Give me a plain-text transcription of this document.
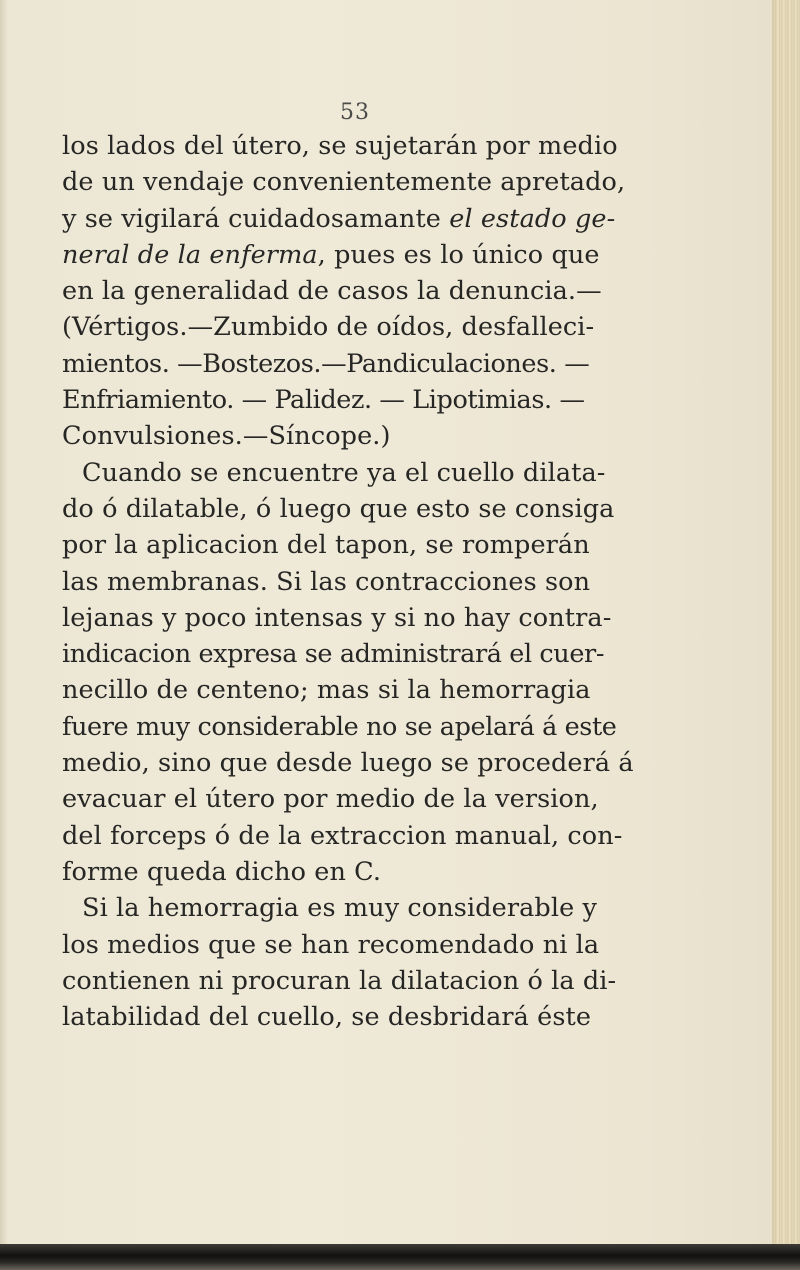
53
los lados del útero, se sujetarán por medio
de un vendaje convenientemente apretado,
y se vigilará cuidadosamante el estado ge-
neral de la enferma, pues es lo único que
en la generalidad de casos la denuncia.—
(Vértigos.—Zumbido de oídos, desfalleci-
mientos. —Bostezos.—Pandiculaciones. —
Enfriamiento. — Palidez. — Lipotimias. —
Convulsiones.—Síncope.)
Cuando se encuentre ya el cuello dilata-
do ó dilatable, ó luego que esto se consiga
por la aplicacion del tapon, se romperán
las membranas. Si las contracciones son
lejanas y poco intensas y si no hay contra-
indicacion expresa se administrará el cuer-
necillo de centeno; mas si la hemorragia
fuere muy considerable no se apelará á este
medio, sino que desde luego se procederá á
evacuar el útero por medio de la version,
del forceps ó de la extraccion manual, con-
forme queda dicho en C.
Si la hemorragia es muy considerable y
los medios que se han recomendado ni la
contienen ni procuran la dilatacion ó la di-
latabilidad del cuello, se desbridará éste
